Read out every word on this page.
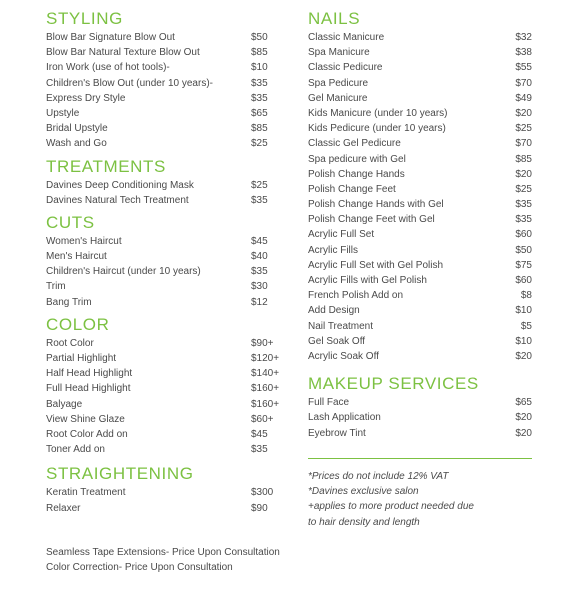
STYLING
Blow Bar Signature Blow Out	$50
Blow Bar Natural Texture Blow Out	$85
Iron Work (use of hot tools)-	$10
Children's Blow Out (under 10 years)-	$35
Express Dry Style	$35
Upstyle	$65
Bridal Upstyle	$85
Wash and Go	$25
TREATMENTS
Davines Deep Conditioning Mask	$25
Davines Natural Tech Treatment	$35
CUTS
Women's Haircut	$45
Men's Haircut	$40
Children's Haircut (under 10 years)	$35
Trim	$30
Bang Trim	$12
COLOR
Root Color	$90+
Partial Highlight	$120+
Half Head Highlight	$140+
Full Head Highlight	$160+
Balyage	$160+
View Shine Glaze	$60+
Root Color Add on	$45
Toner Add on	$35
STRAIGHTENING
Keratin Treatment	$300
Relaxer	$90
NAILS
Classic Manicure	$32
Spa Manicure	$38
Classic Pedicure	$55
Spa Pedicure	$70
Gel Manicure	$49
Kids Manicure (under 10 years)	$20
Kids Pedicure (under 10 years)	$25
Classic Gel Pedicure	$70
Spa pedicure with Gel	$85
Polish Change Hands	$20
Polish Change Feet	$25
Polish Change Hands with Gel	$35
Polish Change Feet with Gel	$35
Acrylic Full Set	$60
Acrylic Fills	$50
Acrylic Full Set with Gel Polish	$75
Acrylic Fills with Gel Polish	$60
French Polish Add on	$8
Add Design	$10
Nail Treatment	$5
Gel Soak Off	$10
Acrylic Soak Off	$20
MAKEUP SERVICES
Full Face	$65
Lash Application	$20
Eyebrow Tint	$20
*Prices do not include 12% VAT
*Davines exclusive salon
+applies to more product needed due
to hair density and length
Seamless Tape Extensions- Price Upon Consultation
Color Correction- Price Upon Consultation
